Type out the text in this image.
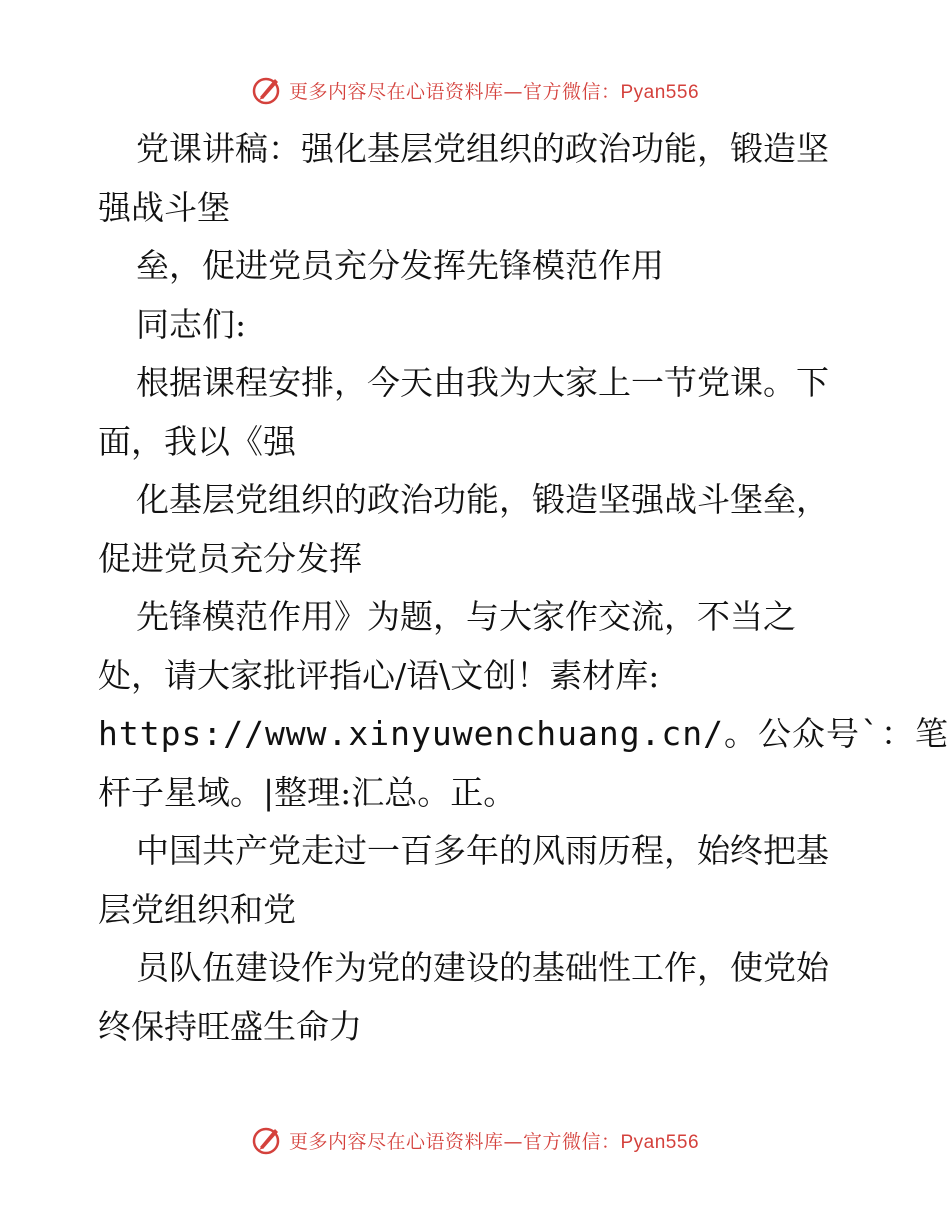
更多内容尽在心语资料库—官方微信：Pyan556
党课讲稿：强化基层党组织的政治功能，锻造坚
强战斗堡
垒，促进党员充分发挥先锋模范作用
同志们:
根据课程安排，今天由我为大家上一节党课。下
面，我以《强
化基层党组织的政治功能，锻造坚强战斗堡垒，
促进党员充分发挥
先锋模范作用》为题，与大家作交流，不当之
处，请大家批评指心/语\文创！素材库:
https://www.xinyuwenchuang.cn/。公众号`：笔
杆子星域。|整理:汇总。正。
中国共产党走过一百多年的风雨历程，始终把基
层党组织和党
员队伍建设作为党的建设的基础性工作，使党始
终保持旺盛生命力
更多内容尽在心语资料库—官方微信：Pyan556
